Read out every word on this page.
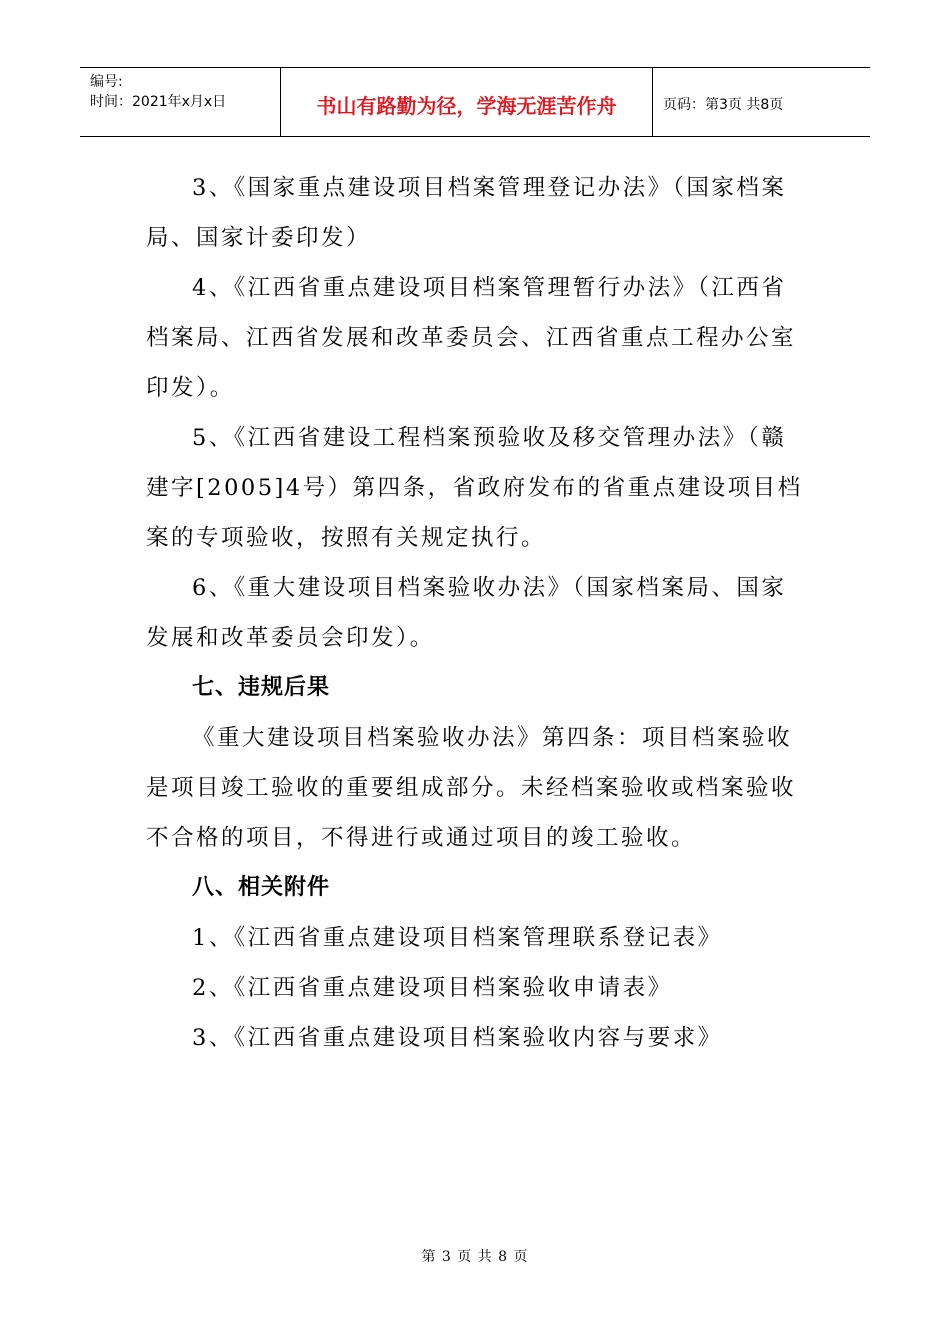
编号:
时间：2021年x月x日	书山有路勤为径，学海无涯苦作舟	页码：第3页 共8页

3、《国家重点建设项目档案管理登记办法》（国家档案局、国家计委印发）

4、《江西省重点建设项目档案管理暂行办法》（江西省档案局、江西省发展和改革委员会、江西省重点工程办公室印发）。

5、《江西省建设工程档案预验收及移交管理办法》（赣建字[2005]4号）第四条，省政府发布的省重点建设项目档案的专项验收，按照有关规定执行。

6、《重大建设项目档案验收办法》（国家档案局、国家发展和改革委员会印发）。

七、违规后果

《重大建设项目档案验收办法》第四条：项目档案验收是项目竣工验收的重要组成部分。未经档案验收或档案验收不合格的项目，不得进行或通过项目的竣工验收。

八、相关附件

1、《江西省重点建设项目档案管理联系登记表》

2、《江西省重点建设项目档案验收申请表》

3、《江西省重点建设项目档案验收内容与要求》

第 3 页 共 8 页
